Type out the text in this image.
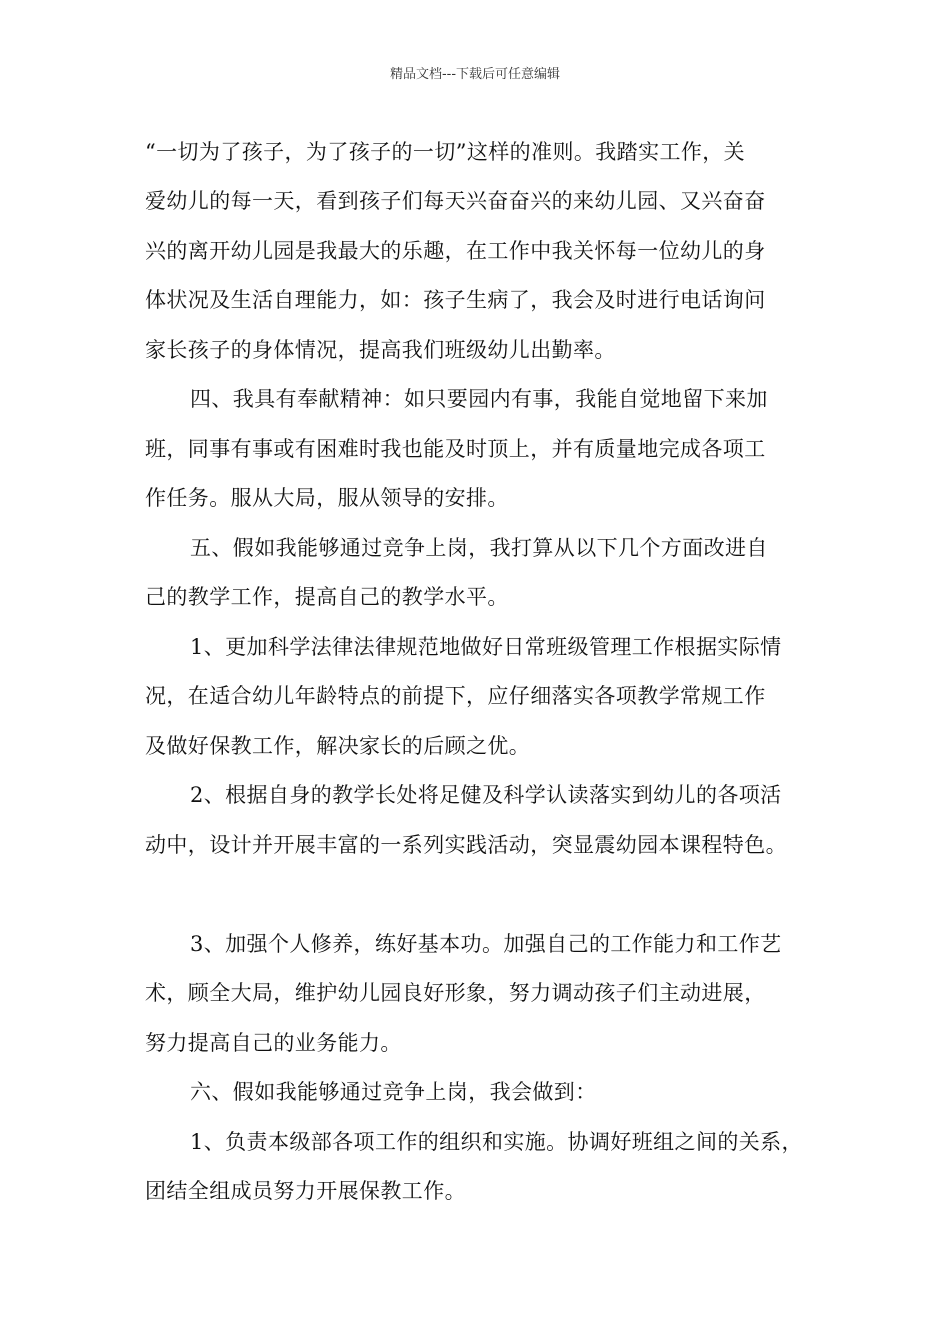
精品文档---下载后可任意编辑
“一切为了孩子，为了孩子的一切”这样的准则。我踏实工作，关
爱幼儿的每一天，看到孩子们每天兴奋奋兴的来幼儿园、又兴奋奋
兴的离开幼儿园是我最大的乐趣，在工作中我关怀每一位幼儿的身
体状况及生活自理能力，如：孩子生病了，我会及时进行电话询问
家长孩子的身体情况，提高我们班级幼儿出勤率。
四、我具有奉献精神：如只要园内有事，我能自觉地留下来加
班，同事有事或有困难时我也能及时顶上，并有质量地完成各项工
作任务。服从大局，服从领导的安排。
五、假如我能够通过竞争上岗，我打算从以下几个方面改进自
己的教学工作，提高自己的教学水平。
1、更加科学法律法律规范地做好日常班级管理工作根据实际情
况，在适合幼儿年龄特点的前提下，应仔细落实各项教学常规工作
及做好保教工作，解决家长的后顾之优。
2、根据自身的教学长处将足健及科学认读落实到幼儿的各项活
动中，设计并开展丰富的一系列实践活动，突显震幼园本课程特色。
3、加强个人修养，练好基本功。加强自己的工作能力和工作艺
术，顾全大局，维护幼儿园良好形象，努力调动孩子们主动进展，
努力提高自己的业务能力。
六、假如我能够通过竞争上岗，我会做到：
1、负责本级部各项工作的组织和实施。协调好班组之间的关系，
团结全组成员努力开展保教工作。
